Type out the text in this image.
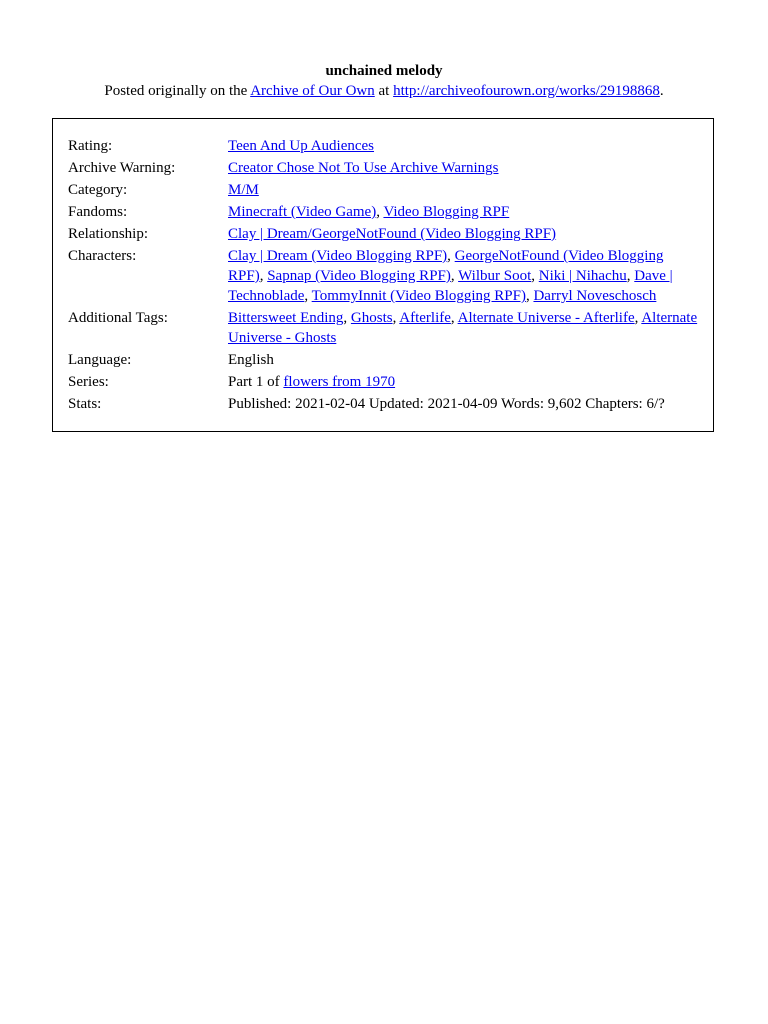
unchained melody
Posted originally on the Archive of Our Own at http://archiveofourown.org/works/29198868.
Rating:	Teen And Up Audiences
Archive Warning:	Creator Chose Not To Use Archive Warnings
Category:	M/M
Fandoms:	Minecraft (Video Game), Video Blogging RPF
Relationship:	Clay | Dream/GeorgeNotFound (Video Blogging RPF)
Characters:	Clay | Dream (Video Blogging RPF), GeorgeNotFound (Video Blogging RPF), Sapnap (Video Blogging RPF), Wilbur Soot, Niki | Nihachu, Dave | Technoblade, TommyInnit (Video Blogging RPF), Darryl Noveschosch
Additional Tags:	Bittersweet Ending, Ghosts, Afterlife, Alternate Universe - Afterlife, Alternate Universe - Ghosts
Language:	English
Series:	Part 1 of flowers from 1970
Stats:	Published: 2021-02-04 Updated: 2021-04-09 Words: 9,602 Chapters: 6/?
